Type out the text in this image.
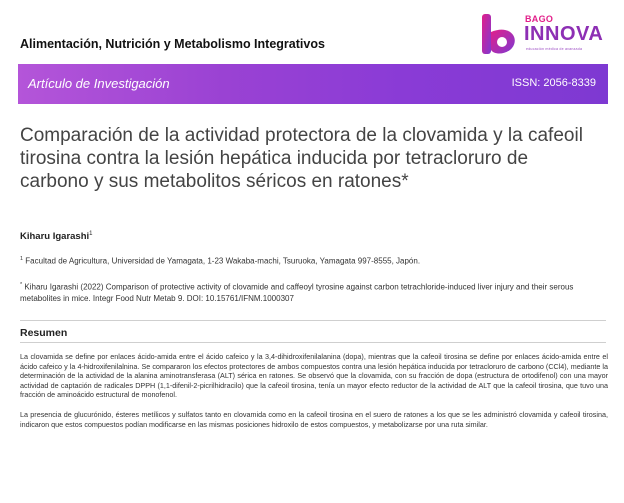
Alimentación, Nutrición y Metabolismo Integrativos
BAGO
INNOVA
educación médica de avanzada
Artículo de Investigación	ISSN: 2056-8339
Comparación de la actividad protectora de la clovamida y la cafeoil tirosina contra la lesión hepática inducida por tetracloruro de carbono y sus metabolitos séricos en ratones*
Kiharu Igarashi$^1$
$^1$ Facultad de Agricultura, Universidad de Yamagata, 1-23 Wakaba-machi, Tsuruoka, Yamagata 997-8555, Japón.
* Kiharu Igarashi (2022) Comparison of protective activity of clovamide and caffeoyl tyrosine against carbon tetrachloride-induced liver injury and their serous metabolites in mice. Integr Food Nutr Metab 9. DOI: 10.15761/IFNM.1000307
Resumen

La clovamida se define por enlaces ácido-amida entre el ácido cafeico y la 3,4-dihidroxifenilalanina (dopa), mientras que la cafeoil tirosina se define por enlaces ácido-amida entre el ácido cafeico y la 4-hidroxifenilalnina. Se compararon los efectos protectores de ambos compuestos contra una lesión hepática inducida por tetracloruro de carbono (CCl4), mediante la determinación de la actividad de la alanina aminotransferasa (ALT) sérica en ratones. Se observó que la clovamida, con su fracción de dopa (estructura de ortodifenol) con una mayor actividad de captación de radicales DPPH (1,1-difenil-2-picrilhidracilo) que la cafeoil tirosina, tenía un mayor efecto reductor de la actividad de ALT que la cafeoil tirosina, que tuvo una fracción de aminoácido estructural de monofenol.

La presencia de glucurónido, ésteres metílicos y sulfatos tanto en clovamida como en la cafeoil tirosina en el suero de ratones a los que se les administró clovamida y cafeoil tirosina, indicaron que estos compuestos podían modificarse en las mismas posiciones hidroxilo de estos compuestos, y metabolizarse por una ruta similar.
